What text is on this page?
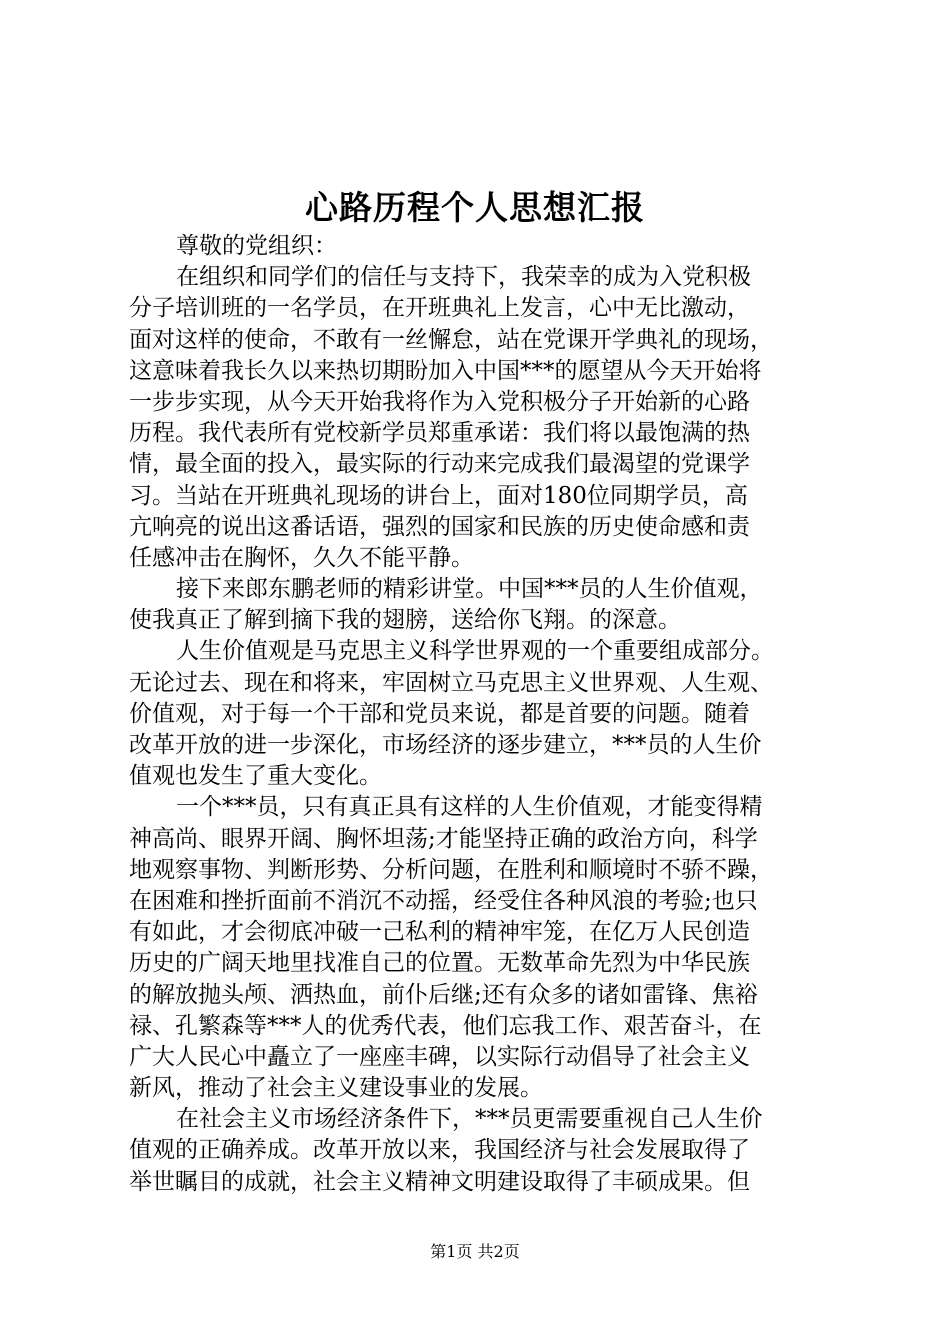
心路历程个人思想汇报
尊敬的党组织：
在组织和同学们的信任与支持下，我荣幸的成为入党积极
分子培训班的一名学员，在开班典礼上发言，心中无比激动，
面对这样的使命，不敢有一丝懈怠，站在党课开学典礼的现场，
这意味着我长久以来热切期盼加入中国***的愿望从今天开始将
一步步实现，从今天开始我将作为入党积极分子开始新的心路
历程。我代表所有党校新学员郑重承诺：我们将以最饱满的热
情，最全面的投入，最实际的行动来完成我们最渴望的党课学
习。当站在开班典礼现场的讲台上，面对180位同期学员，高
亢响亮的说出这番话语，强烈的国家和民族的历史使命感和责
任感冲击在胸怀，久久不能平静。
接下来郎东鹏老师的精彩讲堂。中国***员的人生价值观，
使我真正了解到摘下我的翅膀，送给你飞翔。的深意。
人生价值观是马克思主义科学世界观的一个重要组成部分。
无论过去、现在和将来，牢固树立马克思主义世界观、人生观、
价值观，对于每一个干部和党员来说，都是首要的问题。随着
改革开放的进一步深化，市场经济的逐步建立，***员的人生价
值观也发生了重大变化。
一个***员，只有真正具有这样的人生价值观，才能变得精
神高尚、眼界开阔、胸怀坦荡;才能坚持正确的政治方向，科学
地观察事物、判断形势、分析问题，在胜利和顺境时不骄不躁，
在困难和挫折面前不消沉不动摇，经受住各种风浪的考验;也只
有如此，才会彻底冲破一己私利的精神牢笼，在亿万人民创造
历史的广阔天地里找准自己的位置。无数革命先烈为中华民族
的解放抛头颅、洒热血，前仆后继;还有众多的诸如雷锋、焦裕
禄、孔繁森等***人的优秀代表，他们忘我工作、艰苦奋斗，在
广大人民心中矗立了一座座丰碑，以实际行动倡导了社会主义
新风，推动了社会主义建设事业的发展。
在社会主义市场经济条件下，***员更需要重视自己人生价
值观的正确养成。改革开放以来，我国经济与社会发展取得了
举世瞩目的成就，社会主义精神文明建设取得了丰硕成果。但
第1页 共2页
